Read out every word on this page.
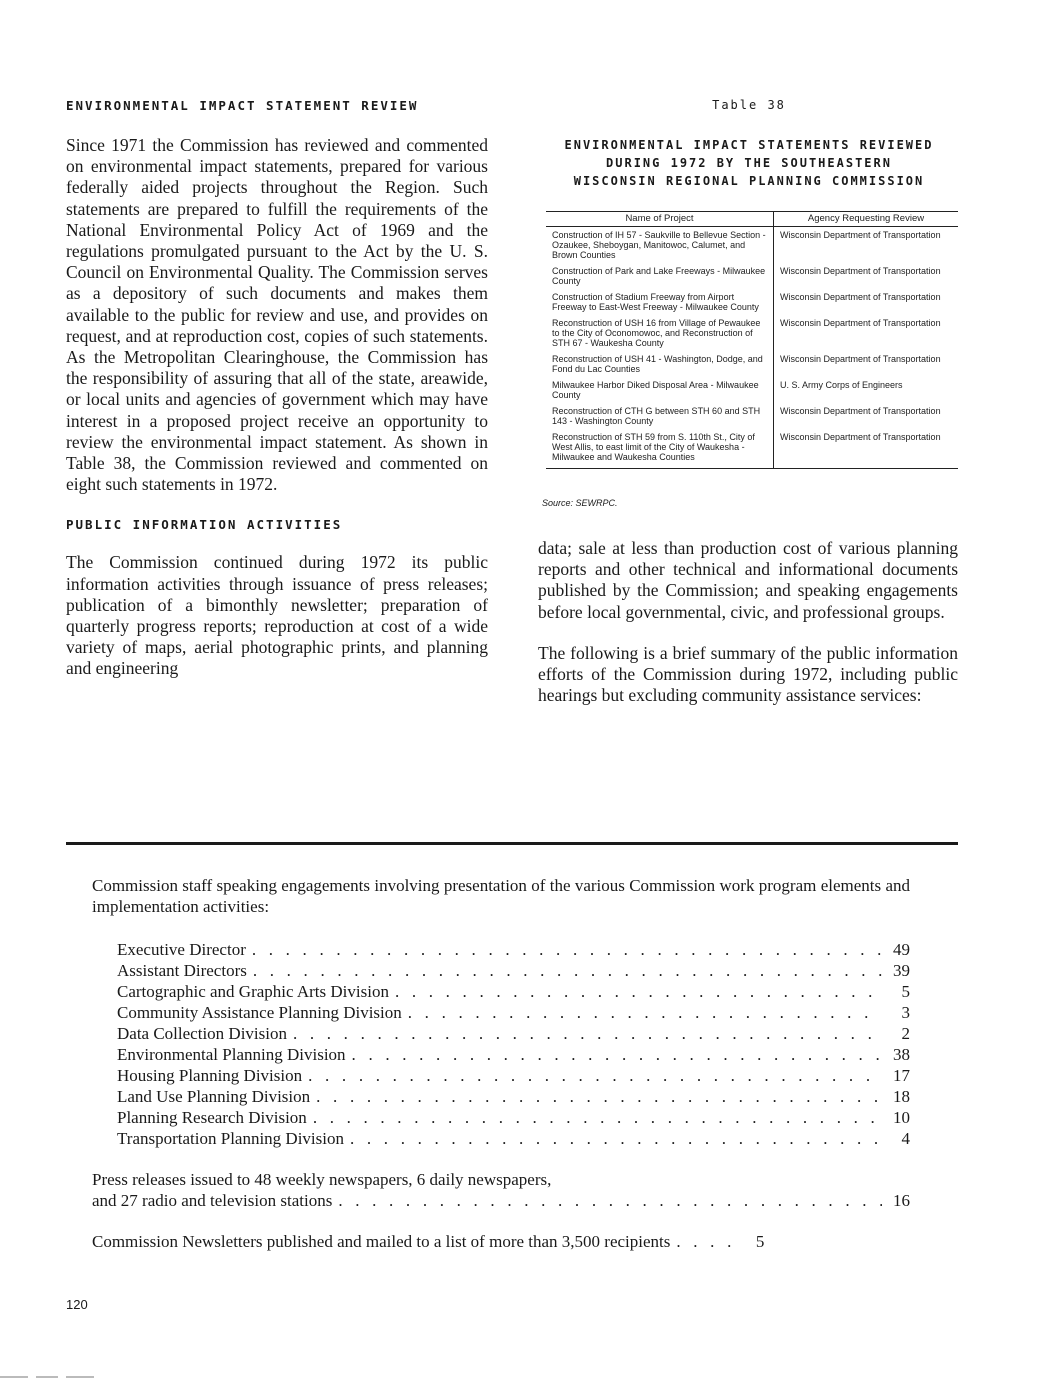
ENVIRONMENTAL IMPACT STATEMENT REVIEW

Since 1971 the Commission has reviewed and commented on environmental impact statements, prepared for various federally aided projects throughout the Region. Such statements are prepared to fulfill the requirements of the National Environmental Policy Act of 1969 and the regulations promulgated pursuant to the Act by the U. S. Council on Environmental Quality. The Commission serves as a depository of such documents and makes them available to the public for review and use, and provides on request, and at reproduction cost, copies of such statements. As the Metropolitan Clearinghouse, the Commission has the responsibility of assuring that all of the state, areawide, or local units and agencies of government which may have interest in a proposed project receive an opportunity to review the environmental impact statement. As shown in Table 38, the Commission reviewed and commented on eight such statements in 1972.

PUBLIC INFORMATION ACTIVITIES

The Commission continued during 1972 its public information activities through issuance of press releases; publication of a bimonthly newsletter; preparation of quarterly progress reports; reproduction at cost of a wide variety of maps, aerial photographic prints, and planning and engineering

Table 38
ENVIRONMENTAL IMPACT STATEMENTS REVIEWED
DURING 1972 BY THE SOUTHEASTERN
WISCONSIN REGIONAL PLANNING COMMISSION
Name of Project	Agency Requesting Review
Construction of IH 57 - Saukville to Bellevue Section - Ozaukee, Sheboygan, Manitowoc, Calumet, and Brown Counties	Wisconsin Department of Transportation
Construction of Park and Lake Freeways - Milwaukee County	Wisconsin Department of Transportation
Construction of Stadium Freeway from Airport Freeway to East-West Freeway - Milwaukee County	Wisconsin Department of Transportation
Reconstruction of USH 16 from Village of Pewaukee to the City of Oconomowoc, and Reconstruction of STH 67 - Waukesha County	Wisconsin Department of Transportation
Reconstruction of USH 41 - Washington, Dodge, and Fond du Lac Counties	Wisconsin Department of Transportation
Milwaukee Harbor Diked Disposal Area - Milwaukee County	U. S. Army Corps of Engineers
Reconstruction of CTH G between STH 60 and STH 143 - Washington County	Wisconsin Department of Transportation
Reconstruction of STH 59 from S. 110th St., City of West Allis, to east limit of the City of Waukesha - Milwaukee and Waukesha Counties	Wisconsin Department of Transportation
Source: SEWRPC.

data; sale at less than production cost of various planning reports and other technical and informational documents published by the Commission; and speaking engagements before local governmental, civic, and professional groups.

The following is a brief summary of the public information efforts of the Commission during 1972, including public hearings but excluding community assistance services:

Commission staff speaking engagements involving presentation of the various Commission work program elements and implementation activities:

Executive Director . . .	49
Assistant Directors . . .	39
Cartographic and Graphic Arts Division . . .	5
Community Assistance Planning Division . . .	3
Data Collection Division . . .	2
Environmental Planning Division . . .	38
Housing Planning Division . . .	17
Land Use Planning Division . . .	18
Planning Research Division . . .	10
Transportation Planning Division . . .	4
Press releases issued to 48 weekly newspapers, 6 daily newspapers,
and 27 radio and television stations . . .	16
Commission Newsletters published and mailed to a list of more than 3,500 recipients . . .	5
120
